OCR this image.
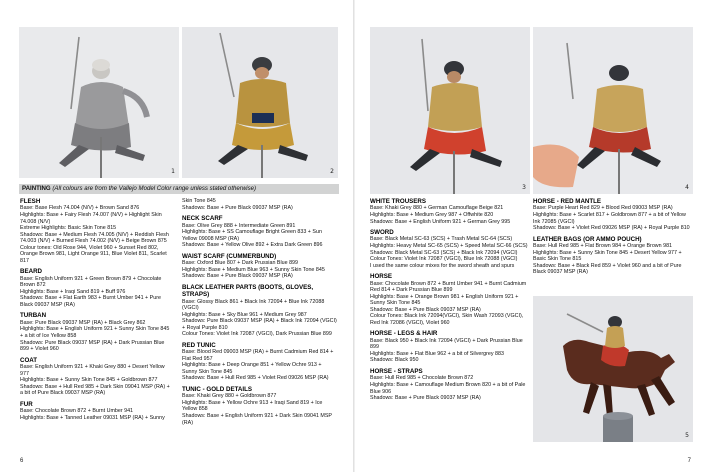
1	2
PAINTING (All colours are from the Vallejo Model Color range unless stated otherwise)
FLESH

Base: Base Flesh 74.004 (N/V) + Brown Sand 876

Highlights: Base + Fairy Flesh 74.007 (N/V) + Highlight Skin 74.008 (N/V)

Extreme Highlights: Basic Skin Tone 815

Shadows: Base + Medium Flesh 74.005 (N/V) + Reddish Flesh 74.003 (N/V) + Burned Flesh 74.002 (N/V) + Beige Brown 875

Colour tones: Old Rose 944, Violet 960 + Sunset Red 802, Orange Brown 981, Light Orange 911, Blue Violet 811, Scarlet 817

BEARD

Base: English Uniform 921 + Green Brown 879 + Chocolate Brown 872

Highlights: Base + Iraqi Sand 819 + Buff 976

Shadows: Base + Flat Earth 983 + Burnt Umber 941 + Pure Black 09037 MSP (RA)

TURBAN

Base: Pure Black 09037 MSP (RA) + Black Grey 862

Highlights: Base + English Uniform 921 + Sunny Skin Tone 845 + a bit of Ice Yellow 858

Shadows: Pure Black 09037 MSP (RA) + Dark Prussian Blue 899 + Violet 960

COAT

Base: English Uniform 921 + Khaki Grey 880 + Desert Yellow 977

Highlights: Base + Sunny Skin Tone 845 + Goldbrown 877

Shadows: Base + Hull Red 985 + Dark Skin 09041 MSP (RA) + a bit of Pure Black 09037 MSP (RA)

FUR

Base: Chocolate Brown 872 + Burnt Umber 941

Highlights: Base + Tanned Leather 09031 MSP (RA) + Sunny

Skin Tone 845

Shadows: Base + Pure Black 09037 MSP (RA)

NECK SCARF

Base: Olive Grey 888 + Intermediate Green 891

Highlights: Base + SS Camouflage Bright Green 833 + Sun Yellow 09008 MSP (RA)

Shadows: Base + Yellow Olive 892 + Extra Dark Green 896

WAIST SCARF (CUMMERBUND)

Base: Oxford Blue 807 + Dark Prussian Blue 899

Highlights: Base + Medium Blue 963 + Sunny Skin Tone 845

Shadows: Base + Pure Black 09037 MSP (RA)

BLACK LEATHER PARTS (BOOTS, GLOVES, STRAPS)

Base: Glossy Black 861 + Black Ink 72094 + Blue Ink 72088 (VGCI)

Highlights: Base + Sky Blue 961 + Medium Grey 987

Shadows: Pure Black 09037 MSP (RA) + Black Ink 72094 (VGCI) + Royal Purple 810

Colour Tones: Violet Ink 72087 (VGCI), Dark Prussian Blue 899

RED TUNIC

Base: Blood Red 09003 MSP (RA) + Burnt Cadmium Red 814 + Flat Red 957

Highlights: Base + Deep Orange 851 + Yellow Ochre 913 + Sunny Skin Tone 845

Shadows: Base + Hull Red 985 + Violet Red 09026 MSP (RA)

TUNIC - GOLD DETAILS

Base: Khaki Grey 880 + Goldbrown 877

Highlights: Base + Yellow Ochre 913 + Iraqi Sand 819 + Ice Yellow 858

Shadows: Base + English Uniform 921 + Dark Skin 09041 MSP (RA)

6
3	4
WHITE TROUSERS

Base: Khaki Grey 880 + German Camouflage Beige 821

Highlights: Base + Medium Grey 987 + Offwhite 820

Shadows: Base + English Uniform 921 + German Grey 995

SWORD

Base: Black Metal SC-63 (SCS) + Trash Metal SC-64 (SCS)

Highlights: Heavy Metal SC-65 (SCS) + Speed Metal SC-66 (SCS)

Shadows: Black Metal SC-63 (SCS) + Black Ink 72094 (VGCI)

Colour Tones: Violet Ink 72087 (VGCI), Blue Ink 72088 (VGCI)

I used the same colour mixes for the sword sheath and spurs

HORSE

Base: Chocolate Brown 872 + Burnt Umber 941 + Burnt Cadmium Red 814 + Dark Prussian Blue 899

Highlights: Base + Orange Brown 981 + English Uniform 921 + Sunny Skin Tone 845

Shadows: Base + Pure Black 09037 MSP (RA)

Colour Tones: Black Ink 72094(VGCI), Skin Wash 72093 (VGCI), Red Ink 72086 (VGCI), Violet 960

HORSE - LEGS & HAIR

Base: Black 950 + Black Ink 72094 (VGCI) + Dark Prussian Blue 899

Highlights: Base + Flat Blue 962 + a bit of Silvergrey 883

Shadows: Black 950

HORSE - STRAPS

Base: Hull Red 985 + Chocolate Brown 872

Highlights: Base + Camouflage Medium Brown 820 + a bit of Pale Blue 906

Shadows: Base + Pure Black 09037 MSP (RA)

HORSE - RED MANTLE

Base: Purple Heart Red 829 + Blood Red 09003 MSP (RA)

Highlights: Base + Scarlet 817 + Goldbrown 877 + a bit of Yellow Ink 72085 (VGCI)

Shadows: Base + Violet Red 09026 MSP (RA) + Royal Purple 810

LEATHER BAGS (OR AMMO POUCH)

Base: Hull Red 985 + Flat Brown 984 + Orange Brown 981

Highlights: Base + Sunny Skin Tone 845 + Desert Yellow 977 + Basic Skin Tone 815

Shadows: Base + Black Red 859 + Violet 960 and a bit of Pure Black 09037 MSP (RA)

5
7
